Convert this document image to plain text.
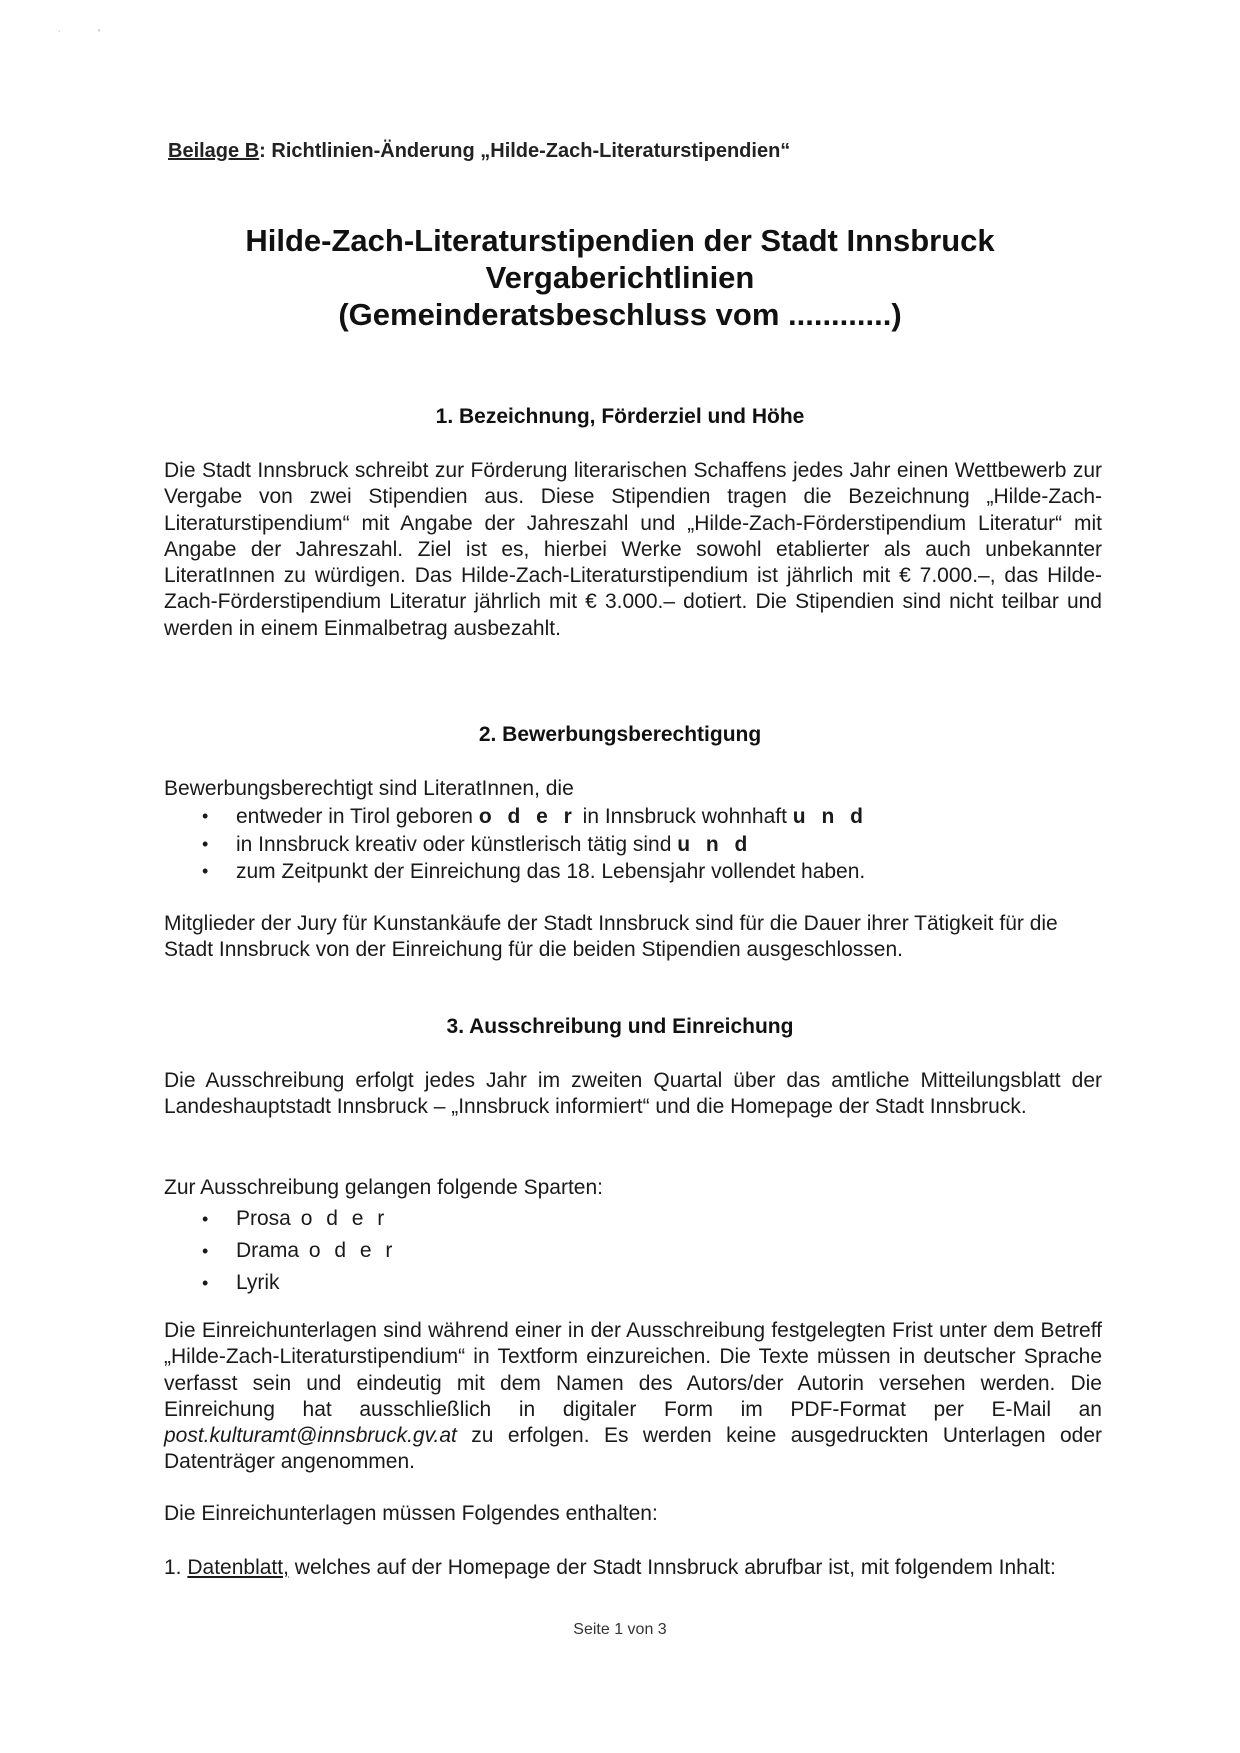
˙	‘
Beilage B: Richtlinien-Änderung „Hilde-Zach-Literaturstipendien“
Hilde-Zach-Literaturstipendien der Stadt Innsbruck
Vergaberichtlinien
(Gemeinderatsbeschluss vom ............)
1. Bezeichnung, Förderziel und Höhe
Die Stadt Innsbruck schreibt zur Förderung literarischen Schaffens jedes Jahr einen Wettbewerb zur Vergabe von zwei Stipendien aus. Diese Stipendien tragen die Bezeichnung „Hilde-Zach-Literaturstipendium“ mit Angabe der Jahreszahl und „Hilde-Zach-Förderstipendium Literatur“ mit Angabe der Jahreszahl. Ziel ist es, hierbei Werke sowohl etablierter als auch unbekannter LiteratInnen zu würdigen. Das Hilde-Zach-Literaturstipendium ist jährlich mit € 7.000.–, das Hilde-Zach-Förderstipendium Literatur jährlich mit € 3.000.– dotiert. Die Stipendien sind nicht teilbar und werden in einem Einmalbetrag ausbezahlt.
2. Bewerbungsberechtigung
Bewerbungsberechtigt sind LiteratInnen, die
• entweder in Tirol geboren o d e r in Innsbruck wohnhaft u n d
• in Innsbruck kreativ oder künstlerisch tätig sind u n d
• zum Zeitpunkt der Einreichung das 18. Lebensjahr vollendet haben.
Mitglieder der Jury für Kunstankäufe der Stadt Innsbruck sind für die Dauer ihrer Tätigkeit für die Stadt Innsbruck von der Einreichung für die beiden Stipendien ausgeschlossen.
3. Ausschreibung und Einreichung
Die Ausschreibung erfolgt jedes Jahr im zweiten Quartal über das amtliche Mitteilungsblatt der Landeshauptstadt Innsbruck – „Innsbruck informiert“ und die Homepage der Stadt Innsbruck.
Zur Ausschreibung gelangen folgende Sparten:
• Prosa o d e r
• Drama o d e r
• Lyrik
Die Einreichunterlagen sind während einer in der Ausschreibung festgelegten Frist unter dem Betreff „Hilde-Zach-Literaturstipendium“ in Textform einzureichen. Die Texte müssen in deutscher Sprache verfasst sein und eindeutig mit dem Namen des Autors/der Autorin versehen werden. Die Einreichung hat ausschließlich in digitaler Form im PDF-Format per E-Mail an post.kulturamt@innsbruck.gv.at zu erfolgen. Es werden keine ausgedruckten Unterlagen oder Datenträger angenommen.
Die Einreichunterlagen müssen Folgendes enthalten:
1. Datenblatt, welches auf der Homepage der Stadt Innsbruck abrufbar ist, mit folgendem Inhalt:
Seite 1 von 3
